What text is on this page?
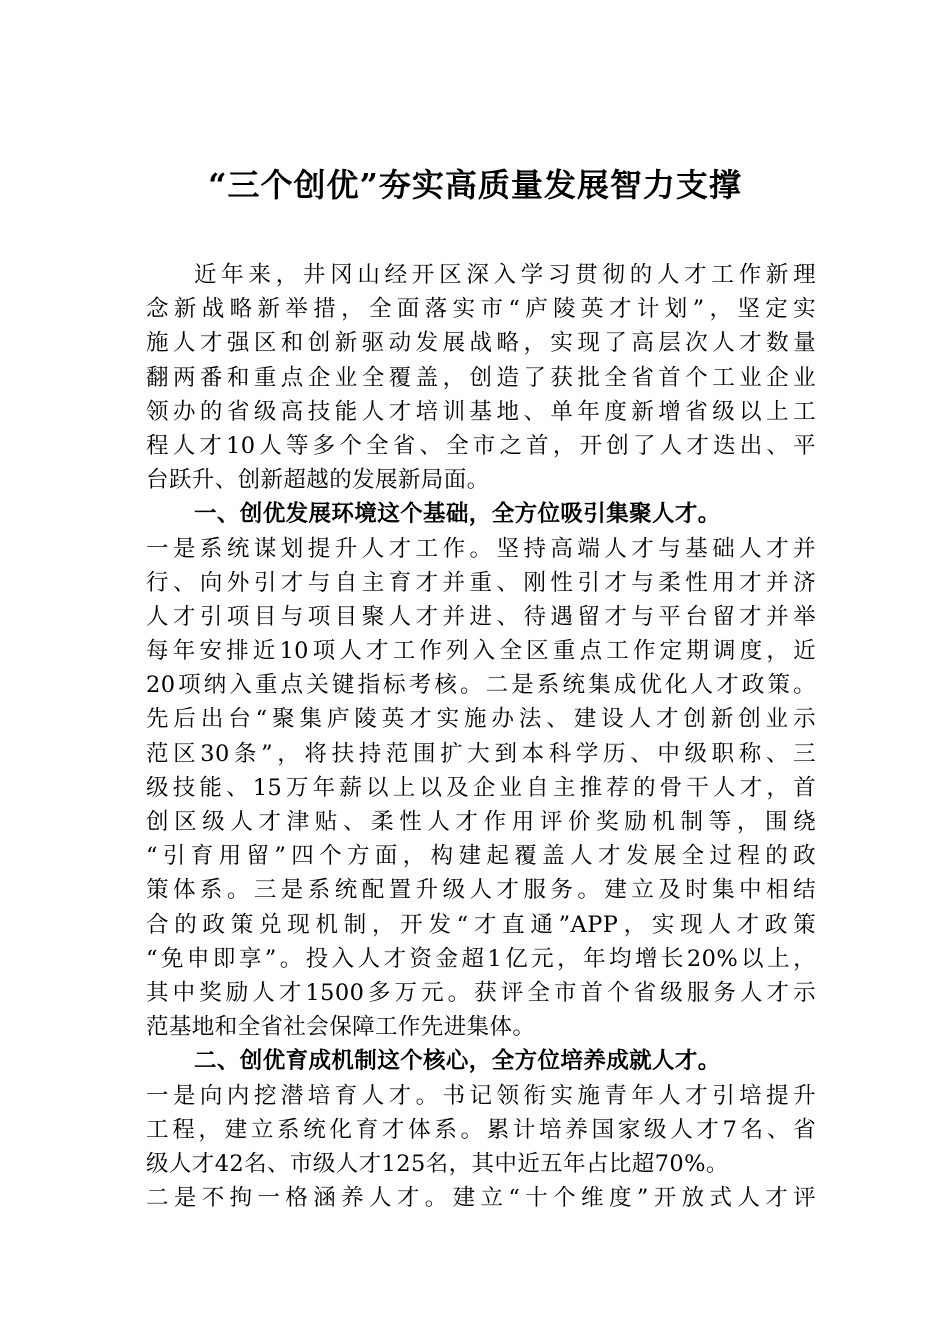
“三个创优”夯实高质量发展智力支撑
近年来，井冈山经开区深入学习贯彻的人才工作新理
念新战略新举措，全面落实市“庐陵英才计划”，坚定实
施人才强区和创新驱动发展战略，实现了高层次人才数量
翻两番和重点企业全覆盖，创造了获批全省首个工业企业
领办的省级高技能人才培训基地、单年度新增省级以上工
程人才10人等多个全省、全市之首，开创了人才迭出、平
台跃升、创新超越的发展新局面。
一、创优发展环境这个基础，全方位吸引集聚人才。
一是系统谋划提升人才工作。坚持高端人才与基础人才并
行、向外引才与自主育才并重、刚性引才与柔性用才并济
人才引项目与项目聚人才并进、待遇留才与平台留才并举
每年安排近10项人才工作列入全区重点工作定期调度，近
20项纳入重点关键指标考核。二是系统集成优化人才政策。
先后出台“聚集庐陵英才实施办法、建设人才创新创业示
范区30条”，将扶持范围扩大到本科学历、中级职称、三
级技能、15万年薪以上以及企业自主推荐的骨干人才，首
创区级人才津贴、柔性人才作用评价奖励机制等，围绕
“引育用留”四个方面，构建起覆盖人才发展全过程的政
策体系。三是系统配置升级人才服务。建立及时集中相结
合的政策兑现机制，开发“才直通”APP，实现人才政策
“免申即享”。投入人才资金超1亿元，年均增长20%以上，
其中奖励人才1500多万元。获评全市首个省级服务人才示
范基地和全省社会保障工作先进集体。
二、创优育成机制这个核心，全方位培养成就人才。
一是向内挖潜培育人才。书记领衔实施青年人才引培提升
工程，建立系统化育才体系。累计培养国家级人才7名、省
级人才42名、市级人才125名，其中近五年占比超70%。
二是不拘一格涵养人才。建立“十个维度”开放式人才评
